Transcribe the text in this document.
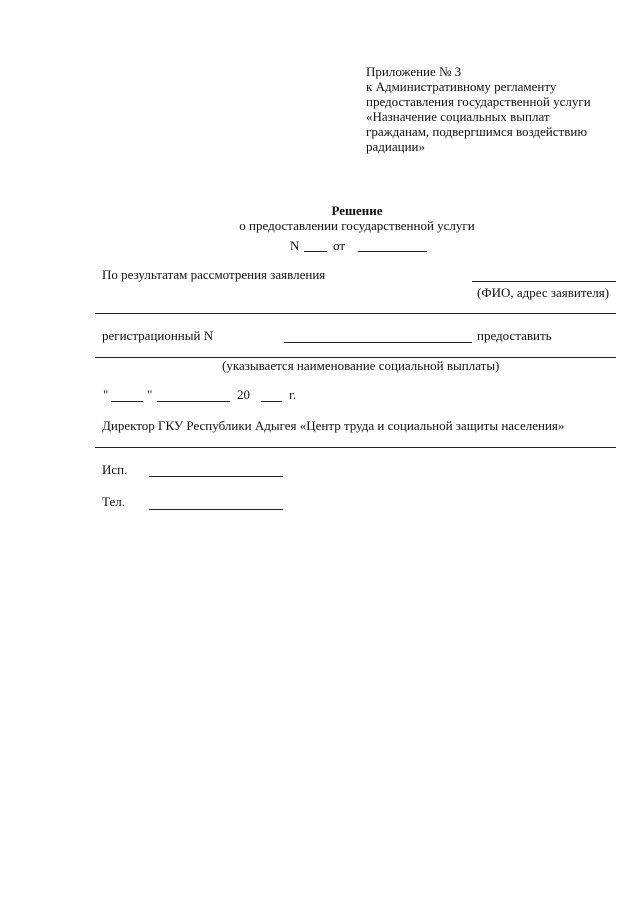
Приложение № 3
к Административному регламенту
предоставления государственной услуги
«Назначение социальных выплат
гражданам, подвергшимся воздействию
радиации»
Решение
о предоставлении государственной услуги
N	от
По результатам рассмотрения заявления
(ФИО, адрес заявителя)
регистрационный N	предоставить
(указывается наименование социальной выплаты)
"	"	20	г.
Директор ГКУ Республики Адыгея «Центр труда и социальной защиты населения»
Исп.
Тел.
